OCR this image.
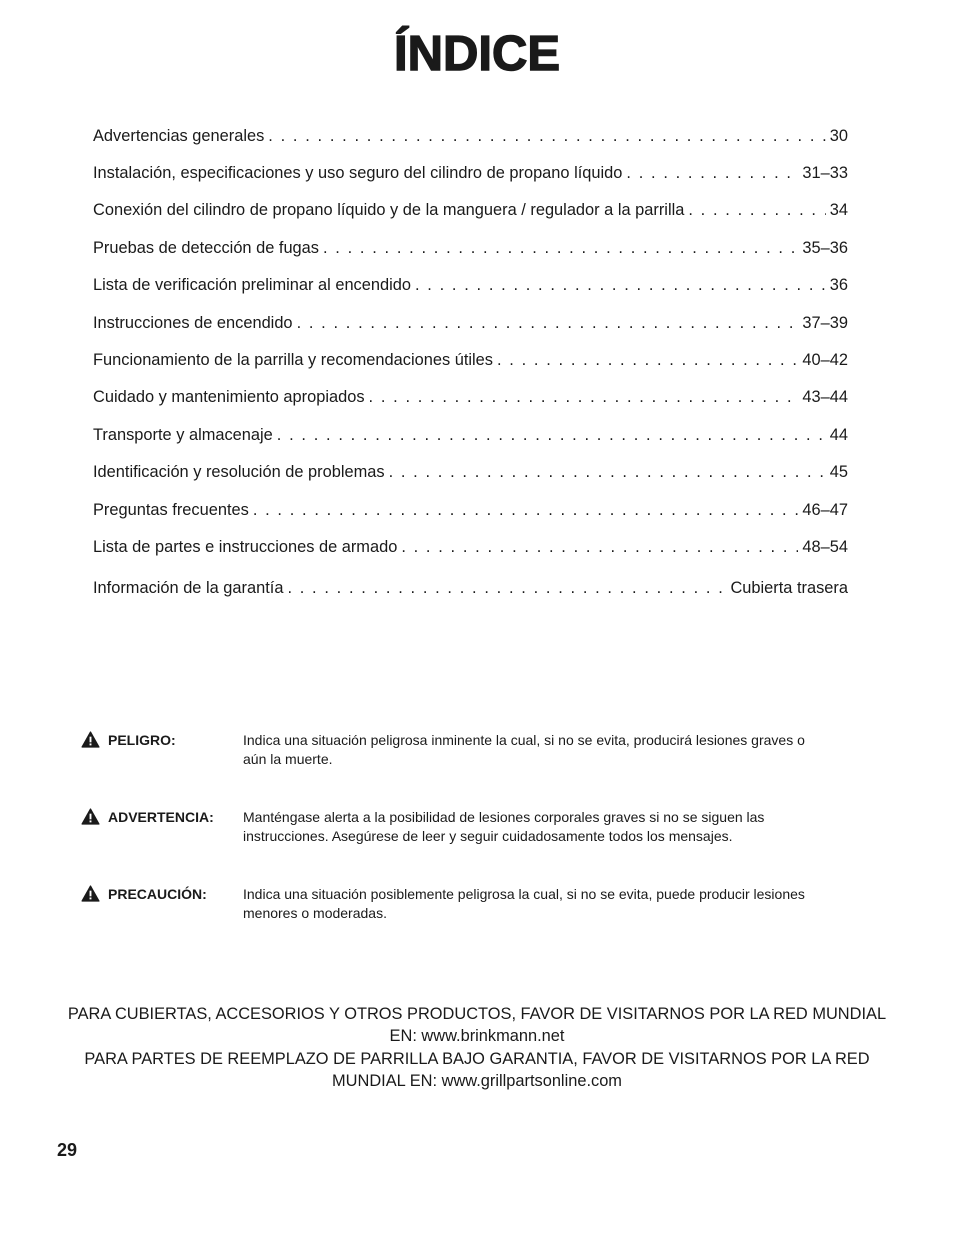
ÍNDICE
Advertencias generales . . .	30
Instalación, especificaciones y uso seguro del cilindro de propano líquido . . .	31–33
Conexión del cilindro de propano líquido y de la manguera / regulador a la parrilla . . .	34
Pruebas de detección de fugas . . .	35–36
Lista de verificación preliminar al encendido . . .	36
Instrucciones de encendido . . .	37–39
Funcionamiento de la parrilla y recomendaciones útiles . . .	40–42
Cuidado y mantenimiento apropiados . . .	43–44
Transporte y almacenaje . . .	44
Identificación y resolución de problemas . . .	45
Preguntas frecuentes . . .	46–47
Lista de partes e instrucciones de armado . . .	48–54
Información de la garantía . . .	Cubierta trasera
PELIGRO:	Indica una situación peligrosa inminente la cual, si no se evita, producirá lesiones graves o aún la muerte.
ADVERTENCIA: Manténgase alerta a la posibilidad de lesiones corporales graves si no se siguen las instrucciones. Asegúrese de leer y seguir cuidadosamente todos los mensajes.
PRECAUCIÓN:	Indica una situación posiblemente peligrosa la cual, si no se evita, puede producir lesiones menores o moderadas.
PARA CUBIERTAS, ACCESORIOS Y OTROS PRODUCTOS, FAVOR DE VISITARNOS POR LA RED MUNDIAL EN: www.brinkmann.net
PARA PARTES DE REEMPLAZO DE PARRILLA BAJO GARANTIA, FAVOR DE VISITARNOS POR LA RED MUNDIAL EN: www.grillpartsonline.com
29
